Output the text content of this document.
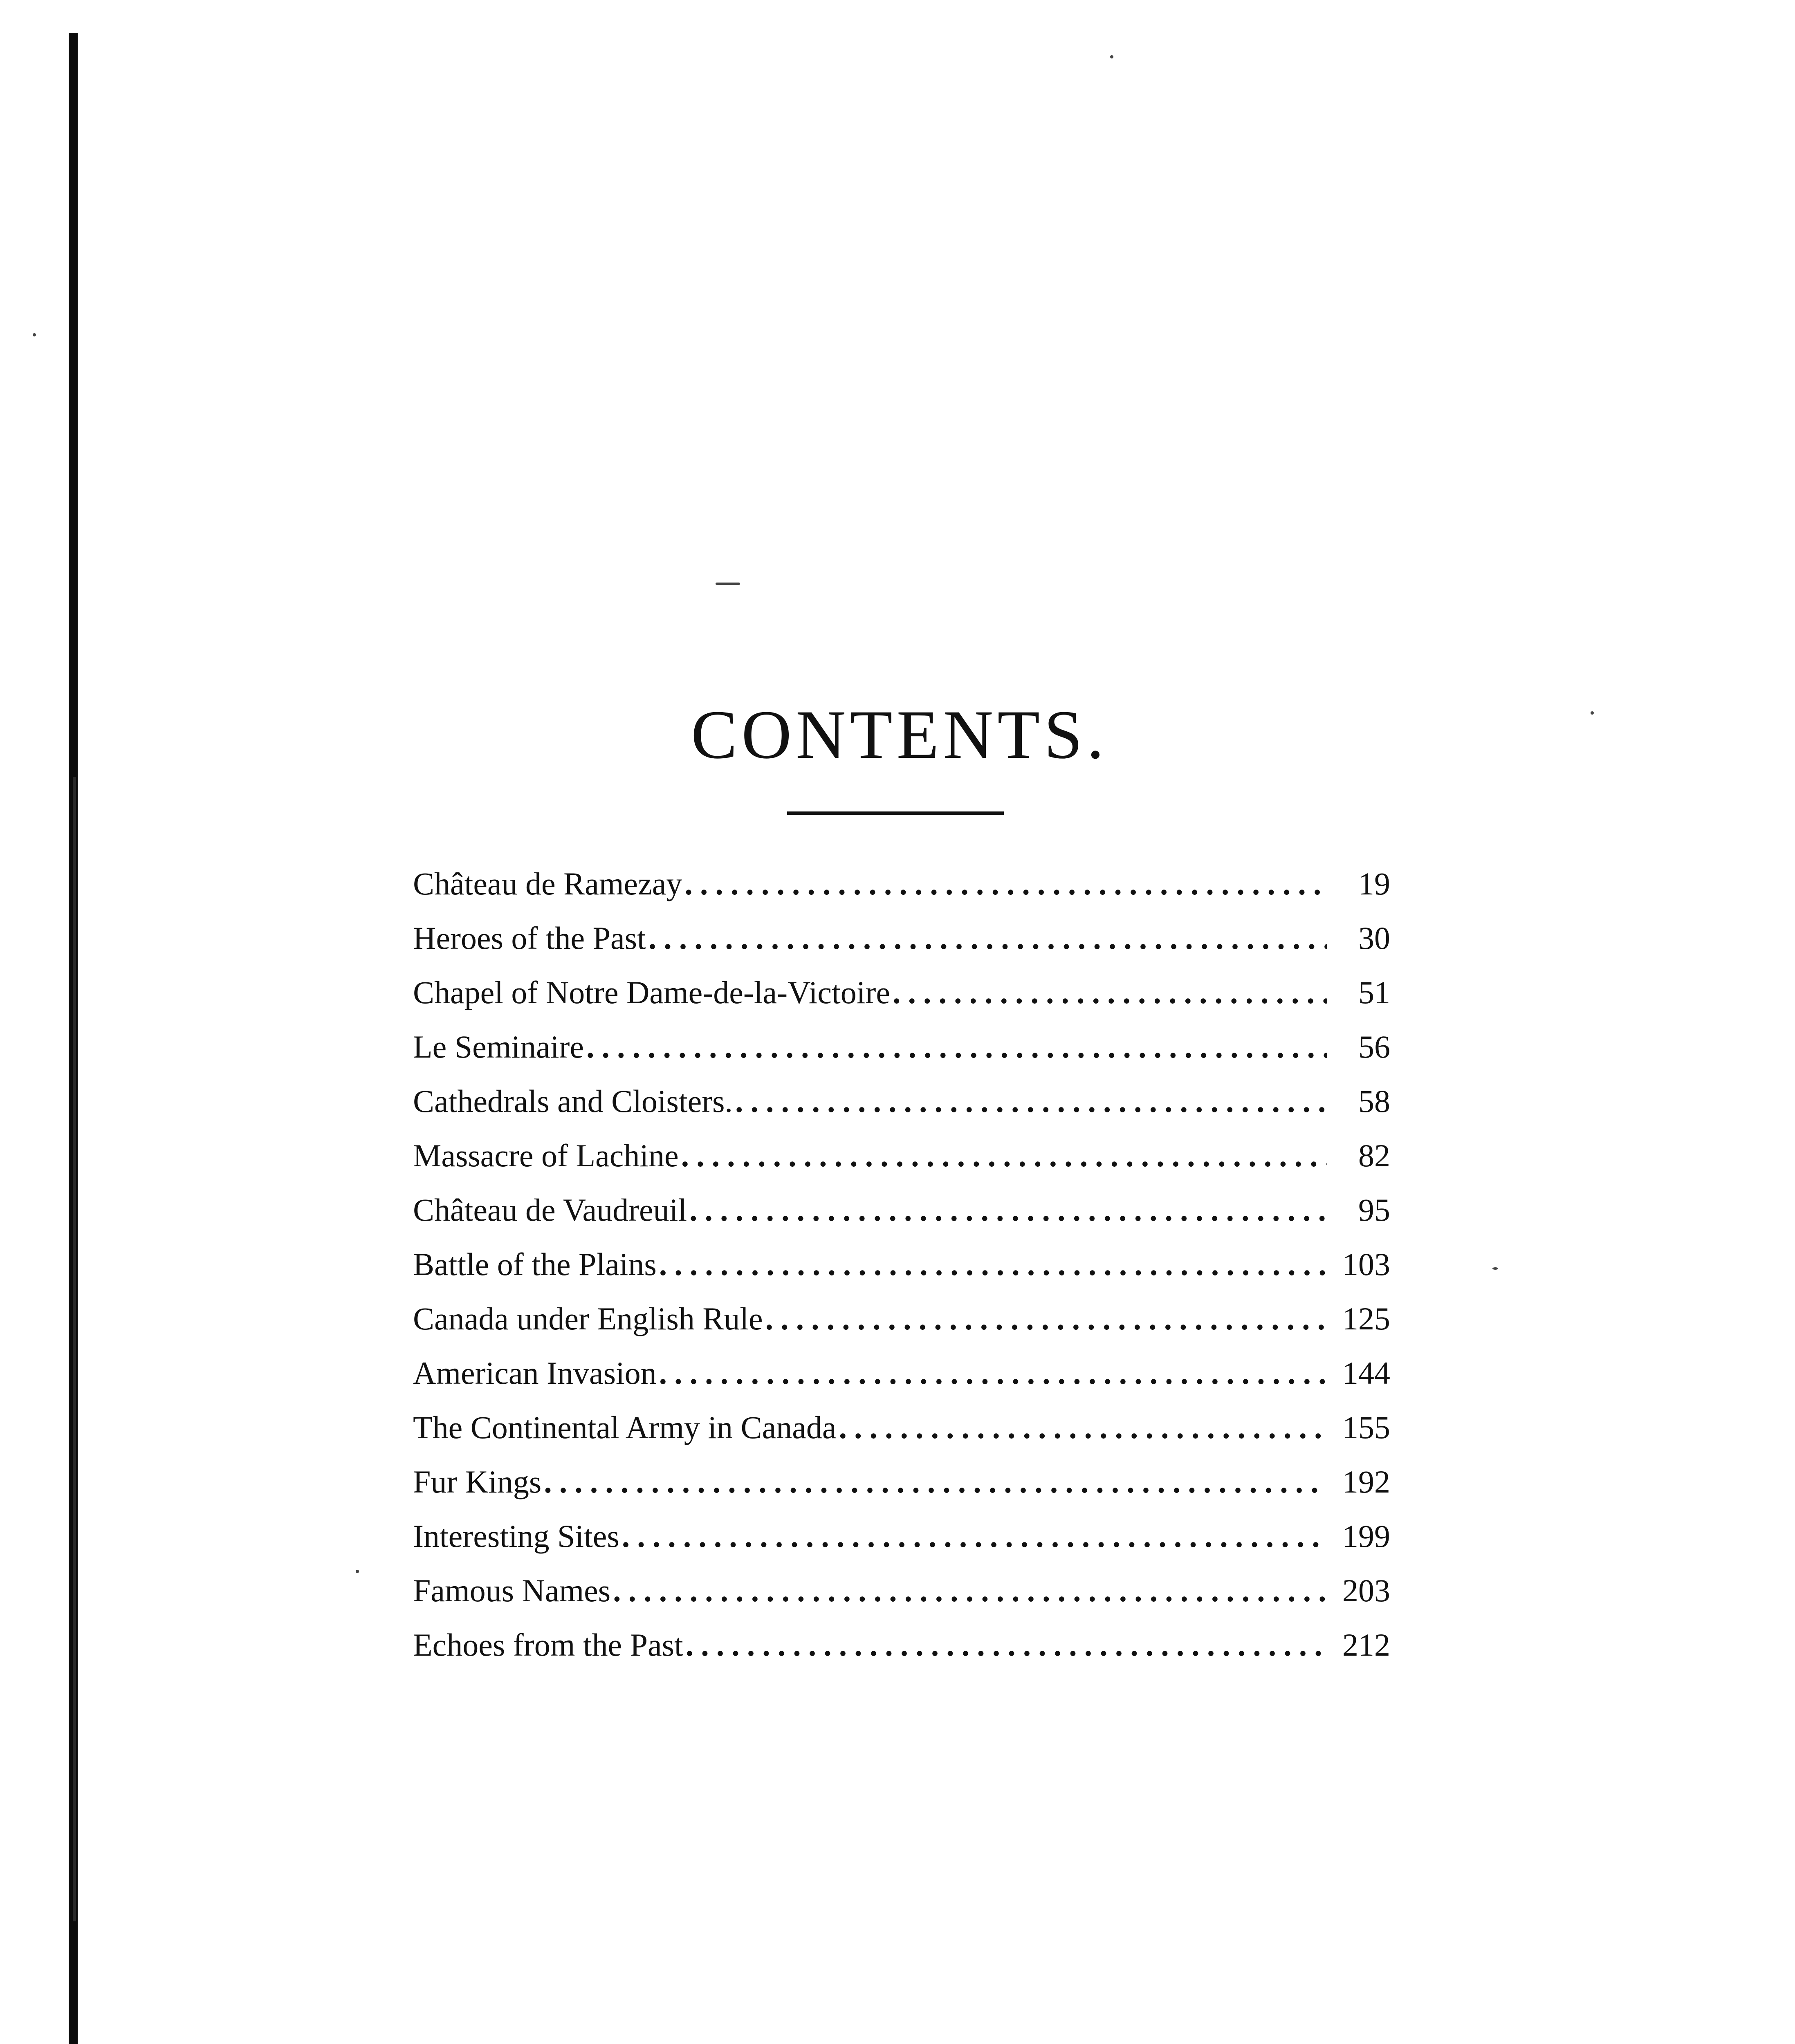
CONTENTS.
Château de Ramezay .....	19
Heroes of the Past .....	30
Chapel of Notre Dame-de-la-Victoire .....	51
Le Seminaire .....	56
Cathedrals and Cloisters. .....	58
Massacre of Lachine .....	82
Château de Vaudreuil .....	95
Battle of the Plains .....	103
Canada under English Rule .....	125
American Invasion .....	144
The Continental Army in Canada .....	155
Fur Kings .....	192
Interesting Sites .....	199
Famous Names .....	203
Echoes from the Past .....	212
